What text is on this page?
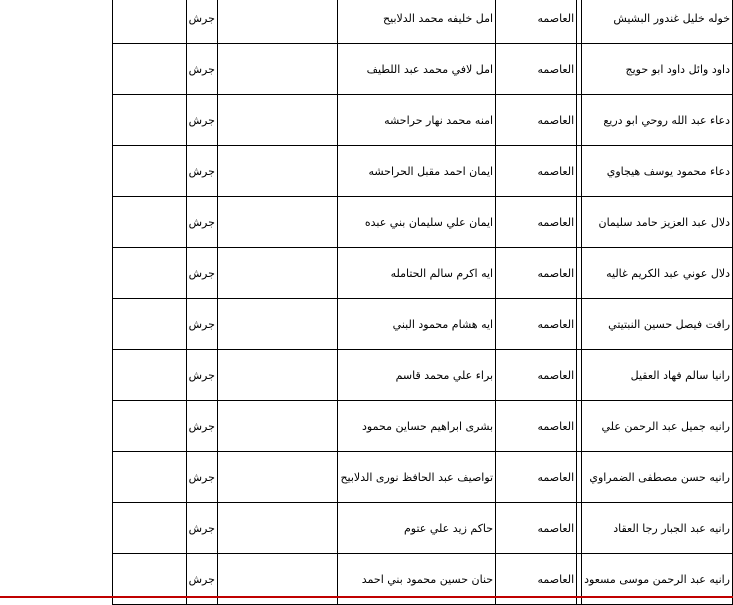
خوله خليل غندور البشيش		العاصمه	امل خليفه محمد الدلابيح		جرش	
داود وائل داود ابو حويج		العاصمه	امل لافي محمد عبد اللطيف		جرش	
دعاء عبد الله روحي ابو دريع		العاصمه	امنه محمد نهار حراحشه		جرش	
دعاء محمود يوسف هيجاوي		العاصمه	ايمان احمد مقبل الحراحشه		جرش	
دلال عبد العزيز حامد سليمان		العاصمه	ايمان علي سليمان بني عبده		جرش	
دلال عوني عبد الكريم غاليه		العاصمه	ايه اكرم سالم الحتامله		جرش	
رافت فيصل حسين النبتيتي		العاصمه	ايه هشام محمود البني		جرش	
رانيا سالم فهاد العقيل		العاصمه	براء علي محمد قاسم		جرش	
رانيه جميل عبد الرحمن علي		العاصمه	بشرى ابراهيم حساين محمود		جرش	
رانيه حسن مصطفى الضمراوي		العاصمه	تواصيف عبد الحافظ نورى الدلابيح		جرش	
رانيه عبد الجبار رجا العقاد		العاصمه	حاكم زيد علي عتوم		جرش	
رانيه عبد الرحمن موسى مسعود		العاصمه	حنان حسين محمود بني احمد		جرش	
